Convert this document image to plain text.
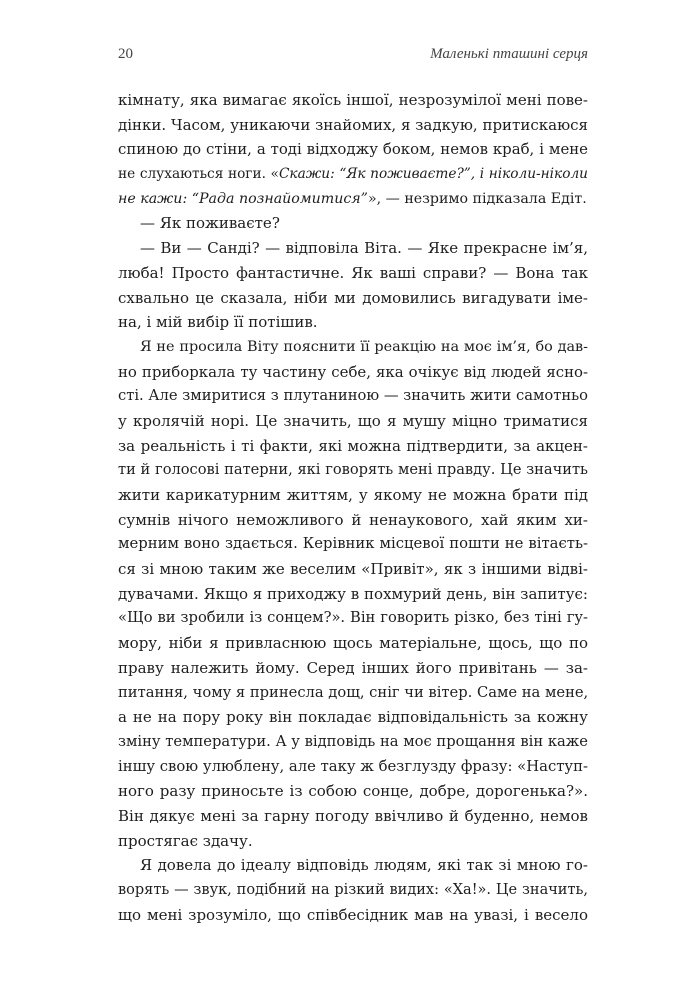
20	Маленькі пташині серця
кімнату, яка вимагає якоїсь іншої, незрозумілої мені пове-
дінки. Часом, уникаючи знайомих, я задкую, притискаюся
спиною до стіни, а тоді відходжу боком, немов краб, і мене
не слухаються ноги. «Скажи: “Як поживаєте?”, і ніколи-ніколи
не кажи: “Рада познайомитися”», — незримо підказала Едіт.
— Як поживаєте?
— Ви — Санді? — відповіла Віта. — Яке прекрасне ім’я,
люба! Просто фантастичне. Як ваші справи? — Вона так
схвально це сказала, ніби ми домовились вигадувати іме-
на, і мій вибір її потішив.
Я не просила Віту пояснити її реакцію на моє ім’я, бо дав-
но приборкала ту частину себе, яка очікує від людей ясно-
сті. Але змиритися з плутаниною — значить жити самотньо
у кролячій норі. Це значить, що я мушу міцно триматися
за реальність і ті факти, які можна підтвердити, за акцен-
ти й голосові патерни, які говорять мені правду. Це значить
жити карикатурним життям, у якому не можна брати під
сумнів нічого неможливого й ненаукового, хай яким хи-
мерним воно здається. Керівник місцевої пошти не вітаєть-
ся зі мною таким же веселим «Привіт», як з іншими відві-
дувачами. Якщо я приходжу в похмурий день, він запитує:
«Що ви зробили із сонцем?». Він говорить різко, без тіні гу-
мору, ніби я привласнюю щось матеріальне, щось, що по
праву належить йому. Серед інших його привітань — за-
питання, чому я принесла дощ, сніг чи вітер. Саме на мене,
а не на пору року він покладає відповідальність за кожну
зміну температури. А у відповідь на моє прощання він каже
іншу свою улюблену, але таку ж безглузду фразу: «Наступ-
ного разу приносьте із собою сонце, добре, дорогенька?».
Він дякує мені за гарну погоду ввічливо й буденно, немов
простягає здачу.
Я довела до ідеалу відповідь людям, які так зі мною го-
ворять — звук, подібний на різкий видих: «Ха!». Це значить,
що мені зрозуміло, що співбесідник мав на увазі, і весело
